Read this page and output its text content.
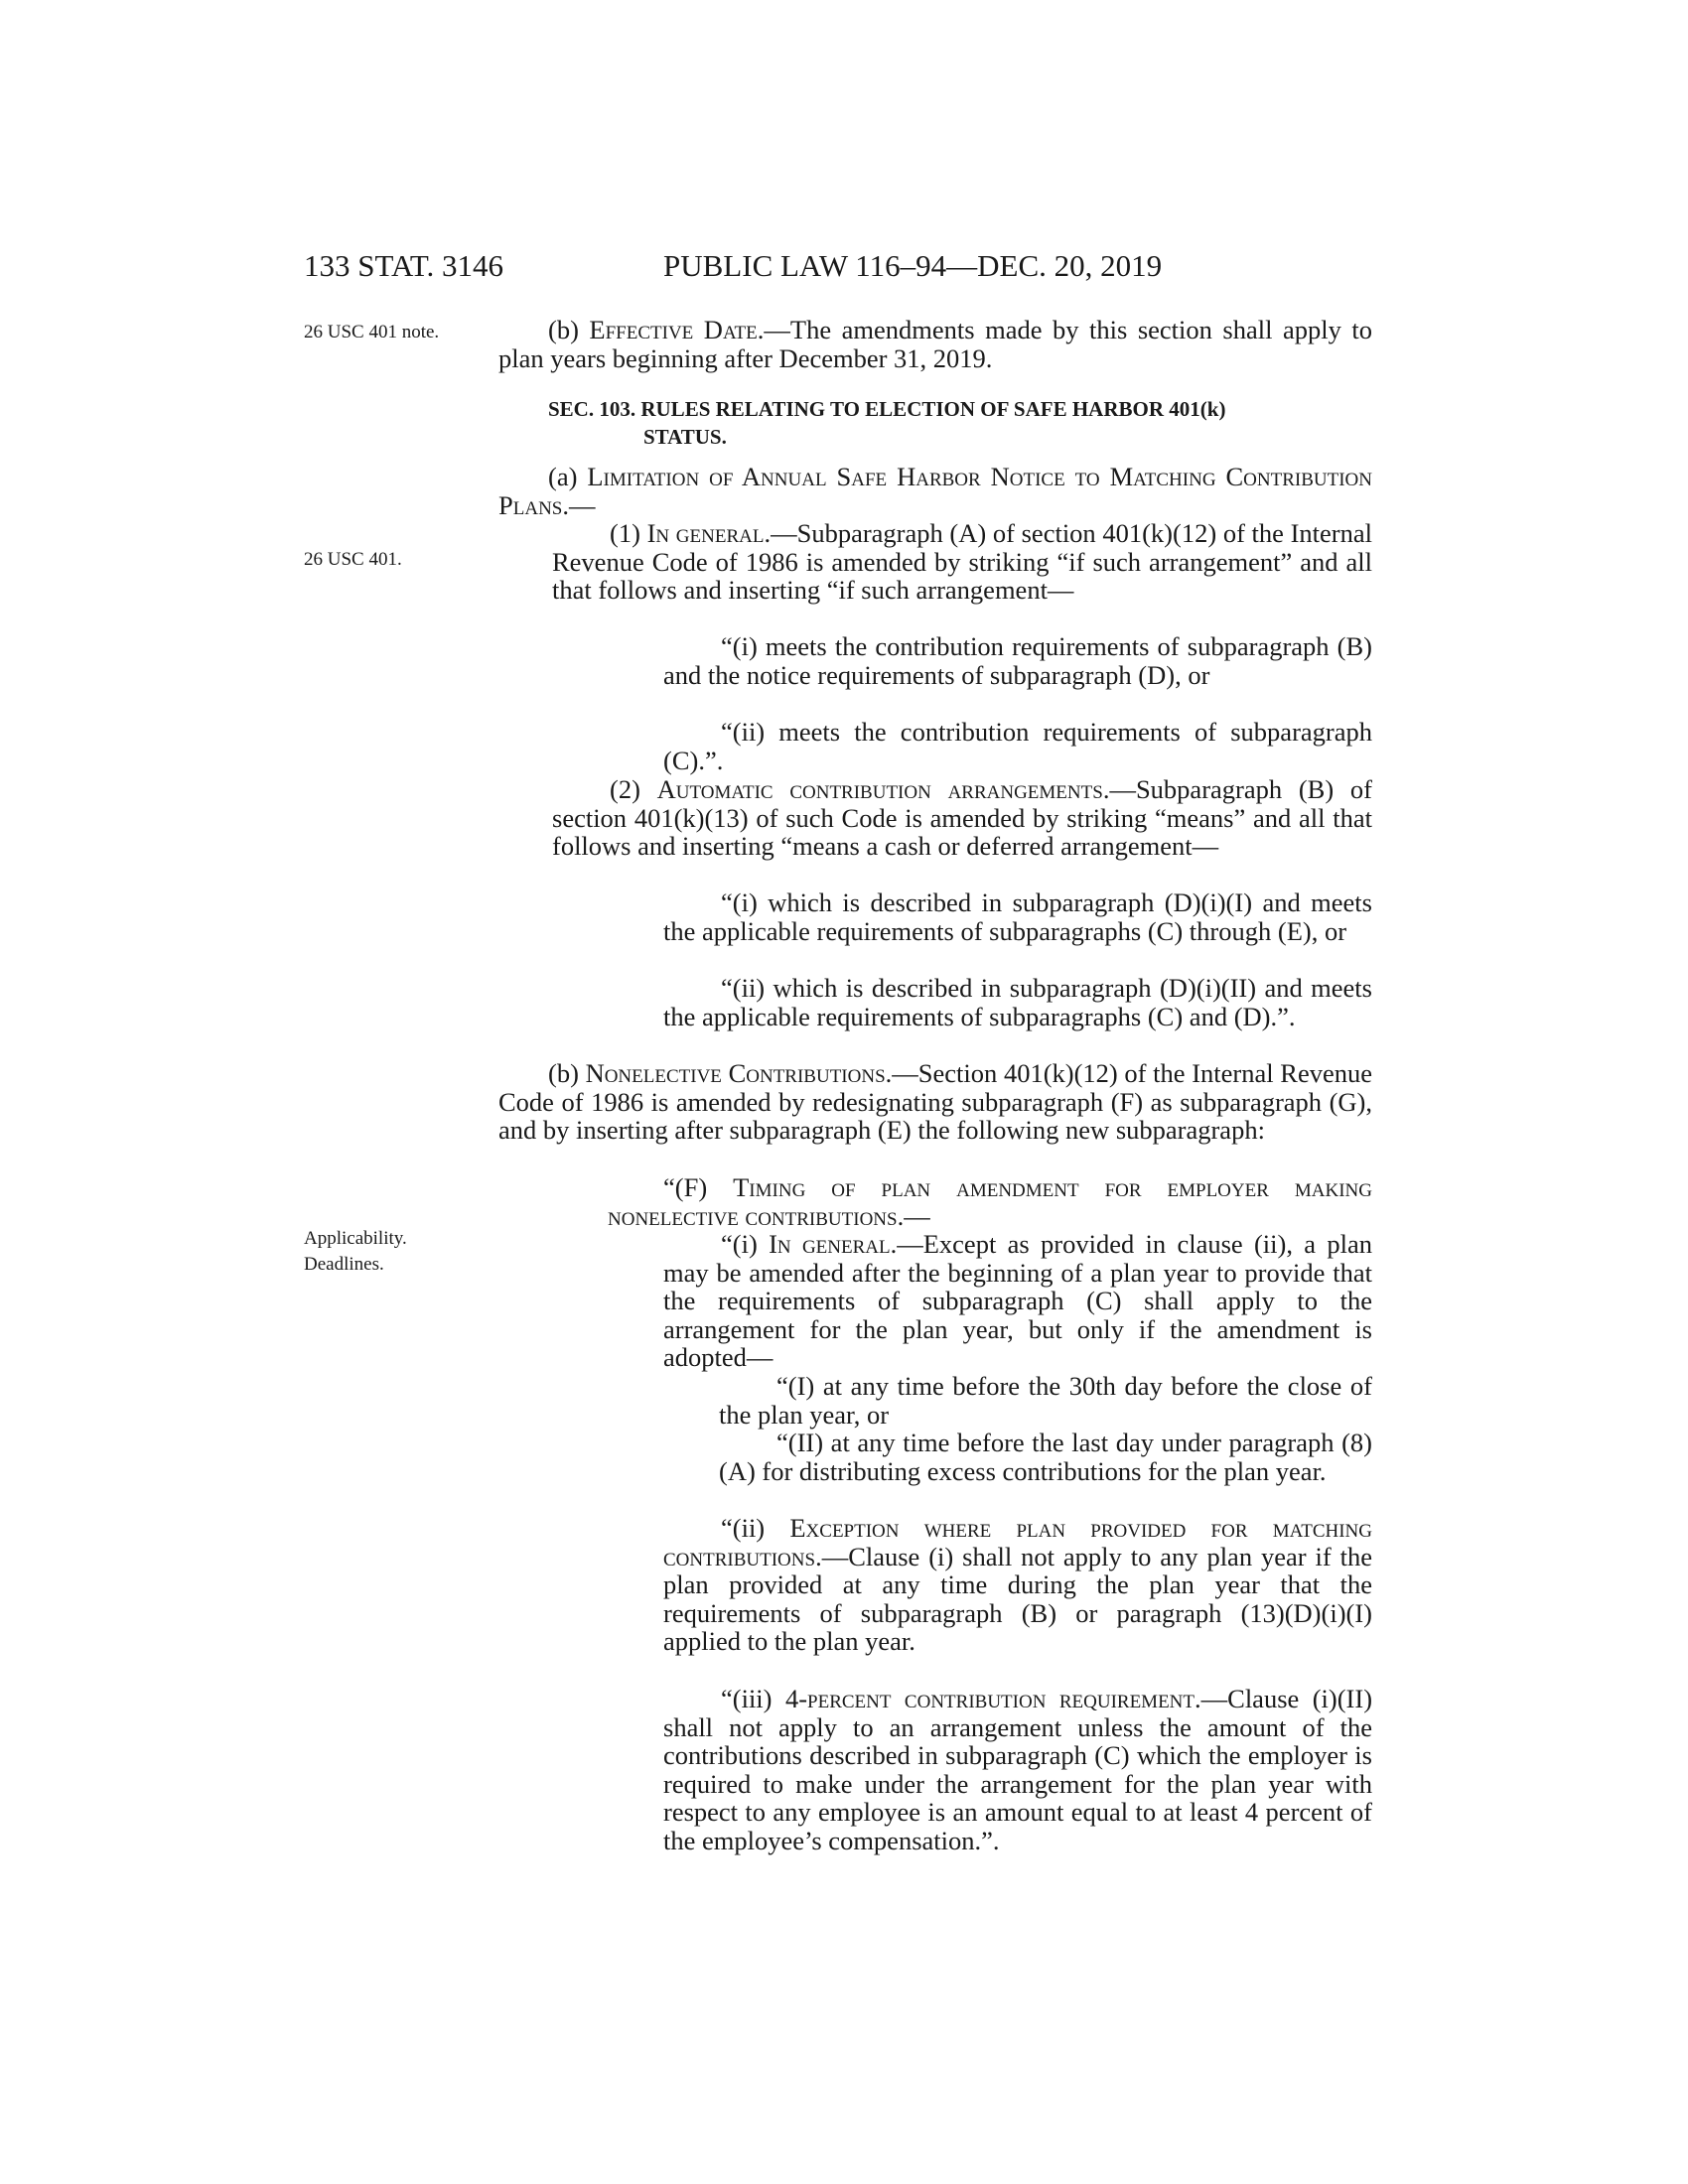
133 STAT. 3146	PUBLIC LAW 116–94—DEC. 20, 2019
26 USC 401 note.
26 USC 401.
Applicability.
Deadlines.
(b) Effective Date.—The amendments made by this section shall apply to plan years beginning after December 31, 2019.
SEC. 103. RULES RELATING TO ELECTION OF SAFE HARBOR 401(k)
STATUS.
(a) Limitation of Annual Safe Harbor Notice to Matching Contribution Plans.—
(1) In general.—Subparagraph (A) of section 401(k)(12) of the Internal Revenue Code of 1986 is amended by striking “if such arrangement” and all that follows and inserting “if such arrangement—
“(i) meets the contribution requirements of subparagraph (B) and the notice requirements of subparagraph (D), or
“(ii) meets the contribution requirements of subparagraph (C).”.
(2) Automatic contribution arrangements.—Subparagraph (B) of section 401(k)(13) of such Code is amended by striking “means” and all that follows and inserting “means a cash or deferred arrangement—
“(i) which is described in subparagraph (D)(i)(I) and meets the applicable requirements of subparagraphs (C) through (E), or
“(ii) which is described in subparagraph (D)(i)(II) and meets the applicable requirements of subparagraphs (C) and (D).”.
(b) Nonelective Contributions.—Section 401(k)(12) of the Internal Revenue Code of 1986 is amended by redesignating subparagraph (F) as subparagraph (G), and by inserting after subparagraph (E) the following new subparagraph:
“(F) Timing of plan amendment for employer making nonelective contributions.—
“(i) In general.—Except as provided in clause (ii), a plan may be amended after the beginning of a plan year to provide that the requirements of subparagraph (C) shall apply to the arrangement for the plan year, but only if the amendment is adopted—
“(I) at any time before the 30th day before the close of the plan year, or
“(II) at any time before the last day under paragraph (8)(A) for distributing excess contributions for the plan year.
“(ii) Exception where plan provided for matching contributions.—Clause (i) shall not apply to any plan year if the plan provided at any time during the plan year that the requirements of subparagraph (B) or paragraph (13)(D)(i)(I) applied to the plan year.
“(iii) 4-percent contribution requirement.—Clause (i)(II) shall not apply to an arrangement unless the amount of the contributions described in subparagraph (C) which the employer is required to make under the arrangement for the plan year with respect to any employee is an amount equal to at least 4 percent of the employee’s compensation.”.
